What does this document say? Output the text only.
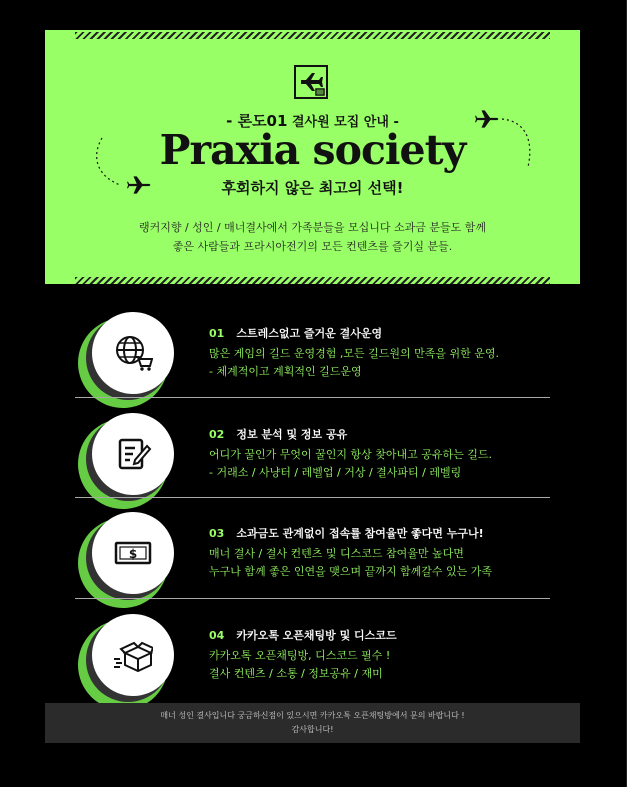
- 론도01 결사원 모집 안내 -
Praxia society
후회하지 않은 최고의 선택!
랭커지향 / 성인 / 매너결사에서 가족분들을 모십니다 소과금 분들도 함께
좋은 사람들과 프라시아전기의 모든 컨텐츠를 즐기실 분들.
01 스트레스없고 즐거운 결사운영
많은 게임의 길드 운영경험 ,모든 길드원의 만족을 위한 운영.
- 체계적이고 계획적인 길드운영
02 정보 분석 및 정보 공유
어디가 꿀인가 무엇이 꿀인지 항상 찾아내고 공유하는 길드.
- 거래소 / 사냥터 / 레벨업 / 거상 / 결사파티 / 레벨링
$
03 소과금도 관계없이 접속률 참여율만 좋다면 누구나!
매너 결사 / 결사 컨텐츠 및 디스코드 참여율만 높다면
누구나 함께 좋은 인연을 맺으며 끝까지 함께갈수 있는 가족
04 카카오톡 오픈채팅방 및 디스코드
카카오톡 오픈채팅방, 디스코드 필수 !
결사 컨텐츠 / 소통 / 정보공유 / 재미
매너 성인 결사입니다 궁금하신점이 있으시면 카카오톡 오픈채팅방에서 문의 바랍니다 !
감사합니다!
